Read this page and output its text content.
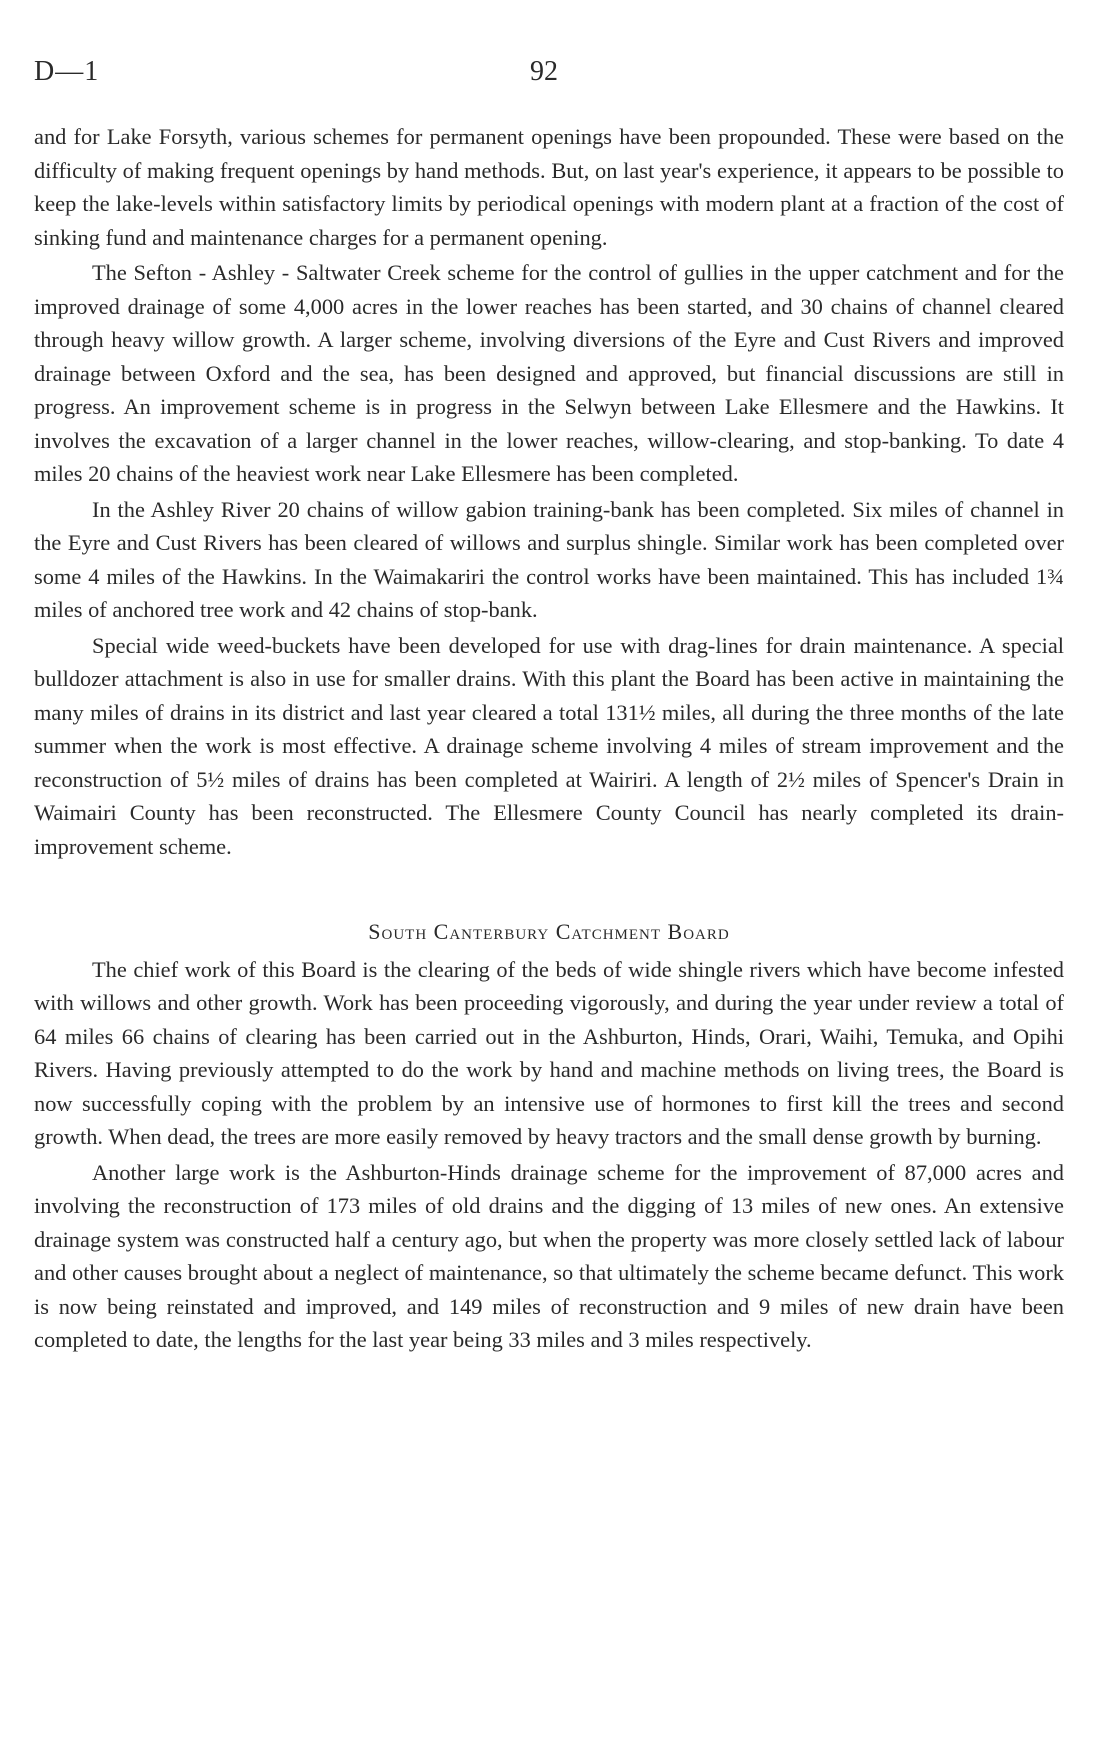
D—1	92

and for Lake Forsyth, various schemes for permanent openings have been propounded. These were based on the difficulty of making frequent openings by hand methods. But, on last year's experience, it appears to be possible to keep the lake-levels within satisfactory limits by periodical openings with modern plant at a fraction of the cost of sinking fund and maintenance charges for a permanent opening.

The Sefton - Ashley - Saltwater Creek scheme for the control of gullies in the upper catchment and for the improved drainage of some 4,000 acres in the lower reaches has been started, and 30 chains of channel cleared through heavy willow growth. A larger scheme, involving diversions of the Eyre and Cust Rivers and improved drainage between Oxford and the sea, has been designed and approved, but financial discussions are still in progress. An improvement scheme is in progress in the Selwyn between Lake Ellesmere and the Hawkins. It involves the excavation of a larger channel in the lower reaches, willow-clearing, and stop-banking. To date 4 miles 20 chains of the heaviest work near Lake Ellesmere has been completed.

In the Ashley River 20 chains of willow gabion training-bank has been completed. Six miles of channel in the Eyre and Cust Rivers has been cleared of willows and surplus shingle. Similar work has been completed over some 4 miles of the Hawkins. In the Waimakariri the control works have been maintained. This has included 1¾ miles of anchored tree work and 42 chains of stop-bank.

Special wide weed-buckets have been developed for use with drag-lines for drain maintenance. A special bulldozer attachment is also in use for smaller drains. With this plant the Board has been active in maintaining the many miles of drains in its district and last year cleared a total 131½ miles, all during the three months of the late summer when the work is most effective. A drainage scheme involving 4 miles of stream improvement and the reconstruction of 5½ miles of drains has been completed at Wairiri. A length of 2½ miles of Spencer's Drain in Waimairi County has been reconstructed. The Ellesmere County Council has nearly completed its drain-improvement scheme.

South Canterbury Catchment Board

The chief work of this Board is the clearing of the beds of wide shingle rivers which have become infested with willows and other growth. Work has been proceeding vigorously, and during the year under review a total of 64 miles 66 chains of clearing has been carried out in the Ashburton, Hinds, Orari, Waihi, Temuka, and Opihi Rivers. Having previously attempted to do the work by hand and machine methods on living trees, the Board is now successfully coping with the problem by an intensive use of hormones to first kill the trees and second growth. When dead, the trees are more easily removed by heavy tractors and the small dense growth by burning.

Another large work is the Ashburton-Hinds drainage scheme for the improvement of 87,000 acres and involving the reconstruction of 173 miles of old drains and the digging of 13 miles of new ones. An extensive drainage system was constructed half a century ago, but when the property was more closely settled lack of labour and other causes brought about a neglect of maintenance, so that ultimately the scheme became defunct. This work is now being reinstated and improved, and 149 miles of reconstruction and 9 miles of new drain have been completed to date, the lengths for the last year being 33 miles and 3 miles respectively.
